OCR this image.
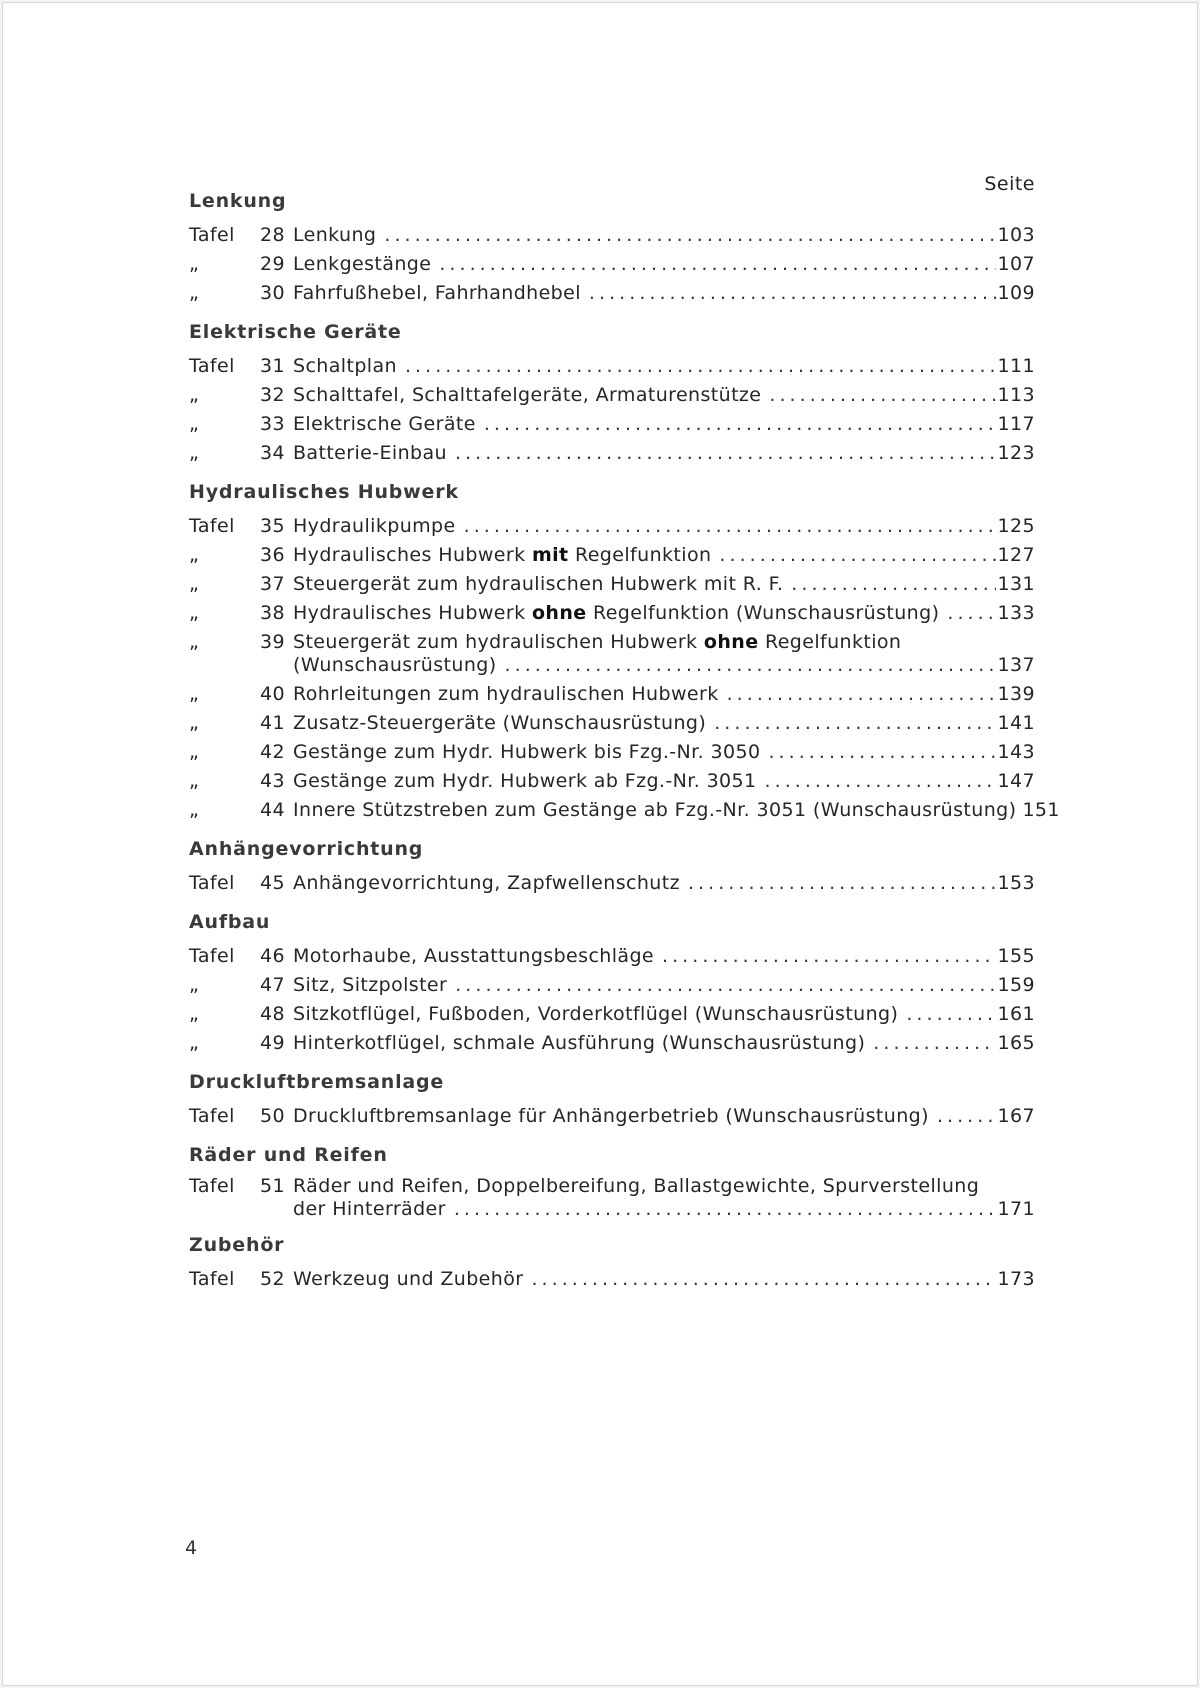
Seite
Lenkung
Tafel	28 Lenkung . . .	103
„	29 Lenkgestänge . . .	107
„	30 Fahrfußhebel, Fahrhandhebel . . .	109
Elektrische Geräte
Tafel	31 Schaltplan . . .	111
„	32 Schalttafel, Schalttafelgeräte, Armaturenstütze . . .	113
„	33 Elektrische Geräte . . .	117
„	34 Batterie-Einbau . . .	123
Hydraulisches Hubwerk
Tafel	35 Hydraulikpumpe . . .	125
„	36 Hydraulisches Hubwerk mit Regelfunktion . . .	127
„	37 Steuergerät zum hydraulischen Hubwerk mit R. F. . . .	131
„	38 Hydraulisches Hubwerk ohne Regelfunktion (Wunschausrüstung) . . .	133
„	39 Steuergerät zum hydraulischen Hubwerk ohne Regelfunktion
(Wunschausrüstung) . . .	137
„	40 Rohrleitungen zum hydraulischen Hubwerk . . .	139
„	41 Zusatz-Steuergeräte (Wunschausrüstung) . . .	141
„	42 Gestänge zum Hydr. Hubwerk bis Fzg.-Nr. 3050 . . .	143
„	43 Gestänge zum Hydr. Hubwerk ab Fzg.-Nr. 3051 . . .	147
„	44 Innere Stützstreben zum Gestänge ab Fzg.-Nr. 3051 (Wunschausrüstung) 151
Anhängevorrichtung
Tafel	45 Anhängevorrichtung, Zapfwellenschutz . . .	153
Aufbau
Tafel	46 Motorhaube, Ausstattungsbeschläge . . .	155
„	47 Sitz, Sitzpolster . . .	159
„	48 Sitzkotflügel, Fußboden, Vorderkotflügel (Wunschausrüstung) . . .	161
„	49 Hinterkotflügel, schmale Ausführung (Wunschausrüstung) . . .	165
Druckluftbremsanlage
Tafel	50 Druckluftbremsanlage für Anhängerbetrieb (Wunschausrüstung) . . .	167
Räder und Reifen
Tafel	51 Räder und Reifen, Doppelbereifung, Ballastgewichte, Spurverstellung
der Hinterräder . . .	171
Zubehör
Tafel	52 Werkzeug und Zubehör . . .	173
4
